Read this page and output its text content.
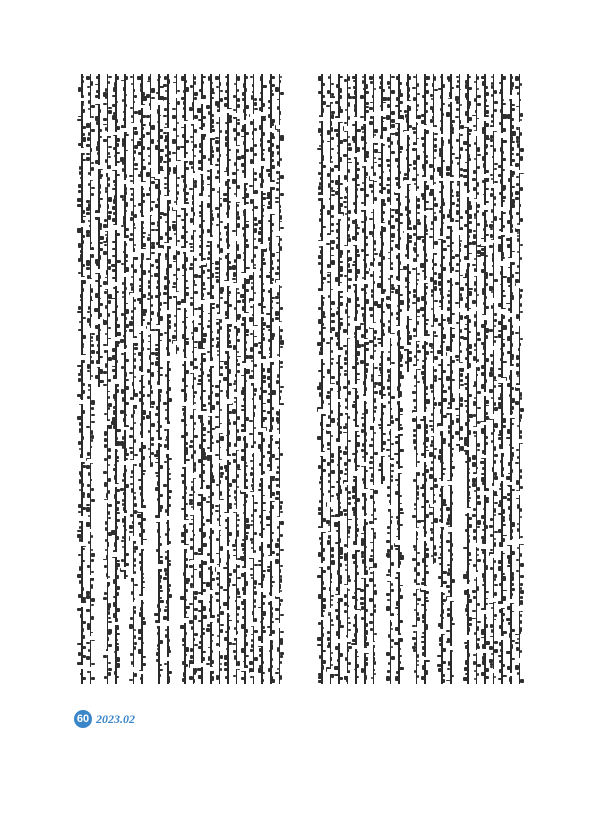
60 2023.02
